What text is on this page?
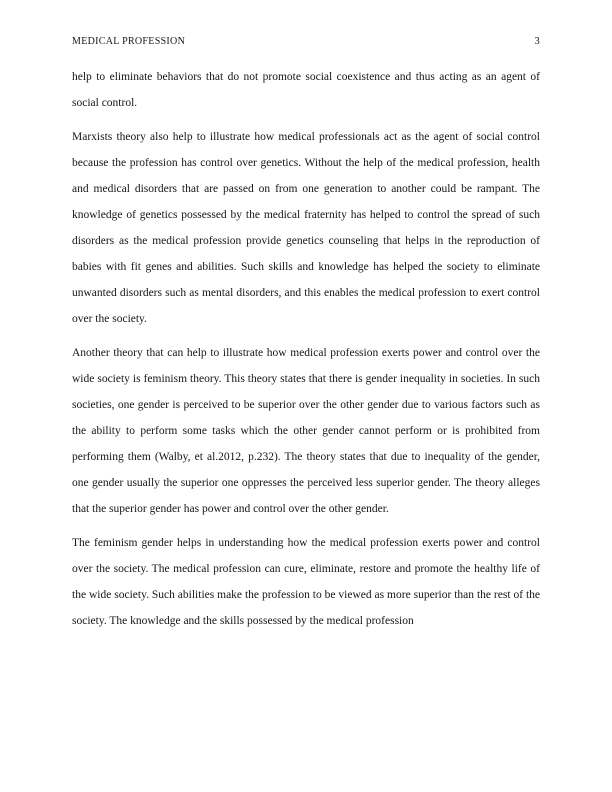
MEDICAL PROFESSION	3

help to eliminate behaviors that do not promote social coexistence and thus acting as an agent of social control.

Marxists theory also help to illustrate how medical professionals act as the agent of social control because the profession has control over genetics. Without the help of the medical profession, health and medical disorders that are passed on from one generation to another could be rampant. The knowledge of genetics possessed by the medical fraternity has helped to control the spread of such disorders as the medical profession provide genetics counseling that helps in the reproduction of babies with fit genes and abilities. Such skills and knowledge has helped the society to eliminate unwanted disorders such as mental disorders, and this enables the medical profession to exert control over the society.

Another theory that can help to illustrate how medical profession exerts power and control over the wide society is feminism theory. This theory states that there is gender inequality in societies. In such societies, one gender is perceived to be superior over the other gender due to various factors such as the ability to perform some tasks which the other gender cannot perform or is prohibited from performing them (Walby, et al.2012, p.232). The theory states that due to inequality of the gender, one gender usually the superior one oppresses the perceived less superior gender. The theory alleges that the superior gender has power and control over the other gender.

The feminism gender helps in understanding how the medical profession exerts power and control over the society. The medical profession can cure, eliminate, restore and promote the healthy life of the wide society. Such abilities make the profession to be viewed as more superior than the rest of the society. The knowledge and the skills possessed by the medical profession
